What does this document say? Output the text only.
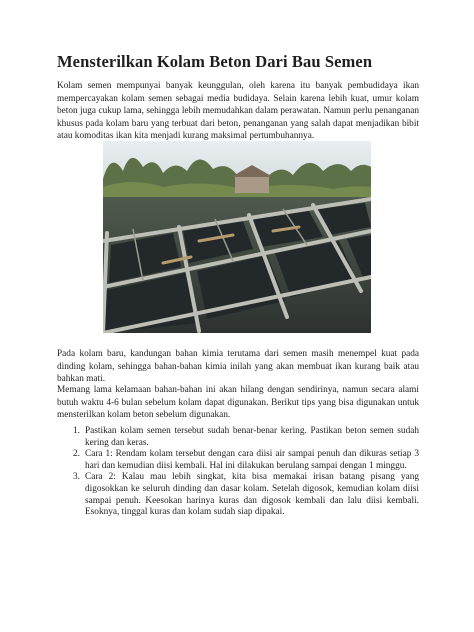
Mensterilkan Kolam Beton Dari Bau Semen

Kolam semen mempunyai banyak keunggulan, oleh karena itu banyak pembudidaya ikan mempercayakan kolam semen sebagai media budidaya. Selain karena lebih kuat, umur kolam beton juga cukup lama, sehingga lebih memudahkan dalam perawatan. Namun perlu penanganan khusus pada kolam baru yang terbuat dari beton, penanganan yang salah dapat menjadikan bibit atau komoditas ikan kita menjadi kurang maksimal pertumbuhannya.

Pada kolam baru, kandungan bahan kimia terutama dari semen masih menempel kuat pada dinding kolam, sehingga bahan-bahan kimia inilah yang akan membuat ikan kurang baik atau bahkan mati.

Memang lama kelamaan bahan-bahan ini akan hilang dengan sendirinya, namun secara alami butuh waktu 4-6 bulan sebelum kolam dapat digunakan. Berikut tips yang bisa digunakan untuk mensterilkan kolam beton sebelum digunakan.

1. Pastikan kolam semen tersebut sudah benar-benar kering. Pastikan beton semen sudah kering dan keras.
2. Cara 1: Rendam kolam tersebut dengan cara diisi air sampai penuh dan dikuras setiap 3 hari dan kemudian diisi kembali. Hal ini dilakukan berulang sampai dengan 1 minggu.
3. Cara 2: Kalau mau lebih singkat, kita bisa memakai irisan batang pisang yang digosokkan ke seluruh dinding dan dasar kolam. Setelah digosok, kemudian kolam diisi sampai penuh. Keesokan harinya kuras dan digosok kembali dan lalu diisi kembali. Esoknya, tinggal kuras dan kolam sudah siap dipakai.
